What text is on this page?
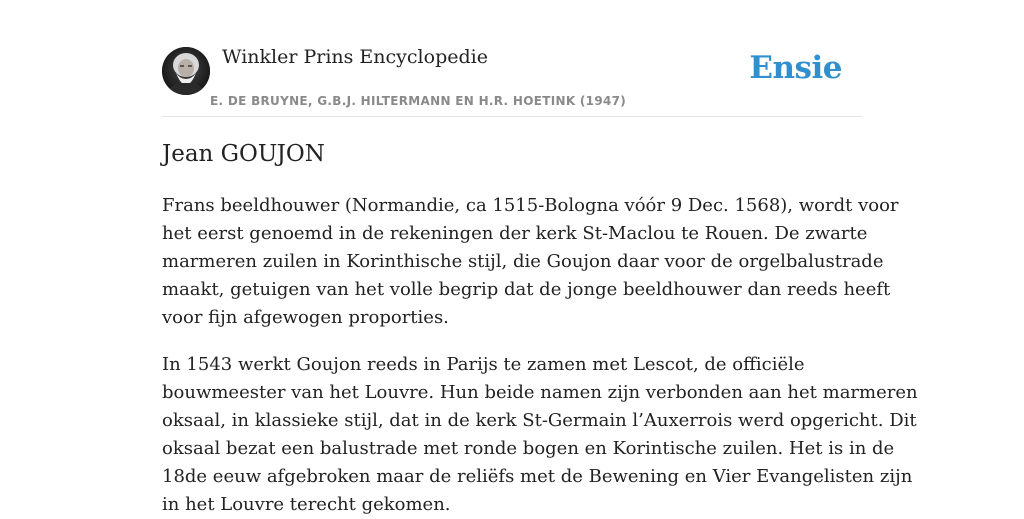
Winkler Prins Encyclopedie
E. DE BRUYNE, G.B.J. HILTERMANN EN H.R. HOETINK (1947)
Ensie
Jean GOUJON

Frans beeldhouwer (Normandie, ca 1515-Bologna vóór 9 Dec. 1568), wordt voor
het eerst genoemd in de rekeningen der kerk St-Maclou te Rouen. De zwarte
marmeren zuilen in Korinthische stijl, die Goujon daar voor de orgelbalustrade
maakt, getuigen van het volle begrip dat de jonge beeldhouwer dan reeds heeft
voor fijn afgewogen proporties.

In 1543 werkt Goujon reeds in Parijs te zamen met Lescot, de officiële
bouwmeester van het Louvre. Hun beide namen zijn verbonden aan het marmeren
oksaal, in klassieke stijl, dat in de kerk St-Germain l’Auxerrois werd opgericht. Dit
oksaal bezat een balustrade met ronde bogen en Korintische zuilen. Het is in de
18de eeuw afgebroken maar de reliëfs met de Bewening en Vier Evangelisten zijn
in het Louvre terecht gekomen.
